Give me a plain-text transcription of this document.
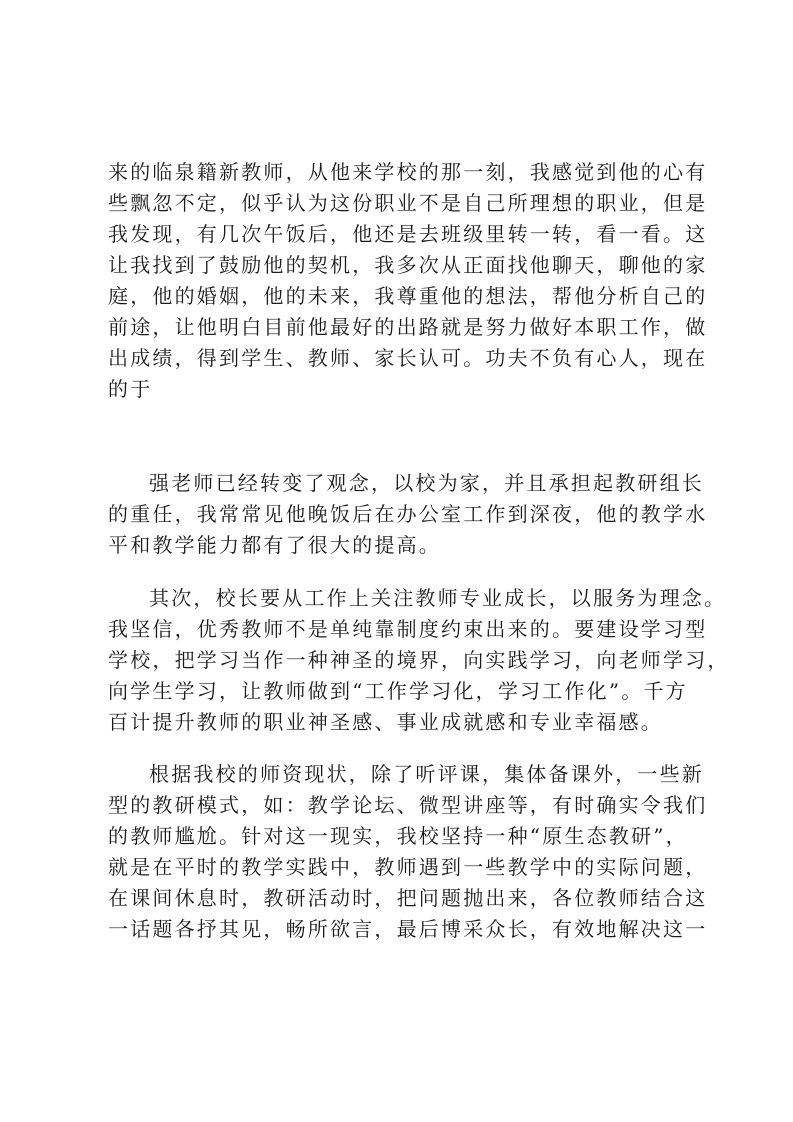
来的临泉籍新教师，从他来学校的那一刻，我感觉到他的心有
些飘忽不定，似乎认为这份职业不是自己所理想的职业，但是
我发现，有几次午饭后，他还是去班级里转一转，看一看。这
让我找到了鼓励他的契机，我多次从正面找他聊天，聊他的家
庭，他的婚姻，他的未来，我尊重他的想法，帮他分析自己的
前途，让他明白目前他最好的出路就是努力做好本职工作，做
出成绩，得到学生、教师、家长认可。功夫不负有心人，现在
的于
强老师已经转变了观念，以校为家，并且承担起教研组长
的重任，我常常见他晚饭后在办公室工作到深夜，他的教学水
平和教学能力都有了很大的提高。
其次，校长要从工作上关注教师专业成长，以服务为理念。
我坚信，优秀教师不是单纯靠制度约束出来的。要建设学习型
学校，把学习当作一种神圣的境界，向实践学习，向老师学习，
向学生学习，让教师做到“工作学习化，学习工作化”。千方
百计提升教师的职业神圣感、事业成就感和专业幸福感。
根据我校的师资现状，除了听评课，集体备课外，一些新
型的教研模式，如：教学论坛、微型讲座等，有时确实令我们
的教师尴尬。针对这一现实，我校坚持一种“原生态教研”，
就是在平时的教学实践中，教师遇到一些教学中的实际问题，
在课间休息时，教研活动时，把问题抛出来，各位教师结合这
一话题各抒其见，畅所欲言，最后博采众长，有效地解决这一
